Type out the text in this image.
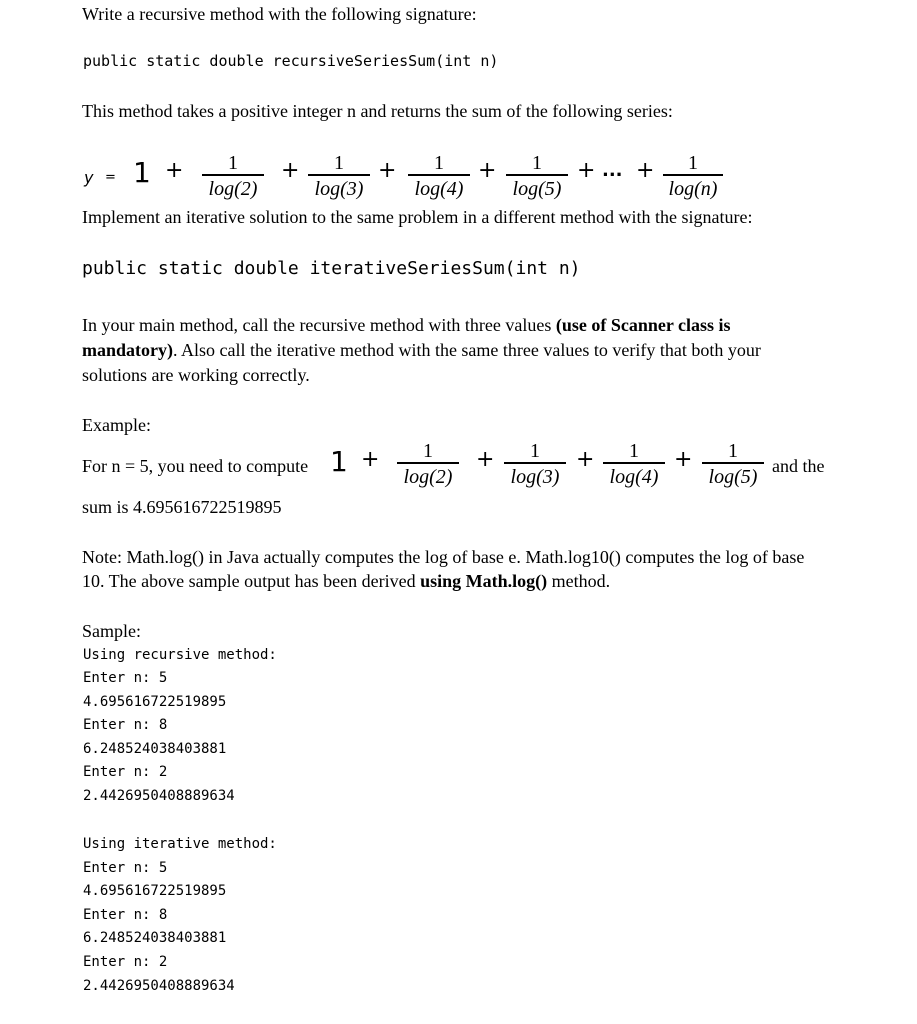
Write a recursive method with the following signature:
public static double recursiveSeriesSum(int n)
This method takes a positive integer n and returns the sum of the following series:
y = 1 +	1
log(2)
+	1
log(3)
+	1
log(4)
+	1
log(5)
+ ... +	1
log(n)
Implement an iterative solution to the same problem in a different method with the signature:
public static double iterativeSeriesSum(int n)
In your main method, call the recursive method with three values (use of Scanner class is
mandatory). Also call the iterative method with the same three values to verify that both your
solutions are working correctly.
Example:
For n = 5, you need to compute 1 +	1
log(2)
+	1
log(3)
+	1
log(4)
+	1
log(5) and the
sum is 4.695616722519895
Note: Math.log() in Java actually computes the log of base e. Math.log10() computes the log of base
10. The above sample output has been derived using Math.log() method.
Sample:
Using recursive method:
Enter n: 5
4.695616722519895
Enter n: 8
6.248524038403881
Enter n: 2
2.4426950408889634
Using iterative method:
Enter n: 5
4.695616722519895
Enter n: 8
6.248524038403881
Enter n: 2
2.4426950408889634
